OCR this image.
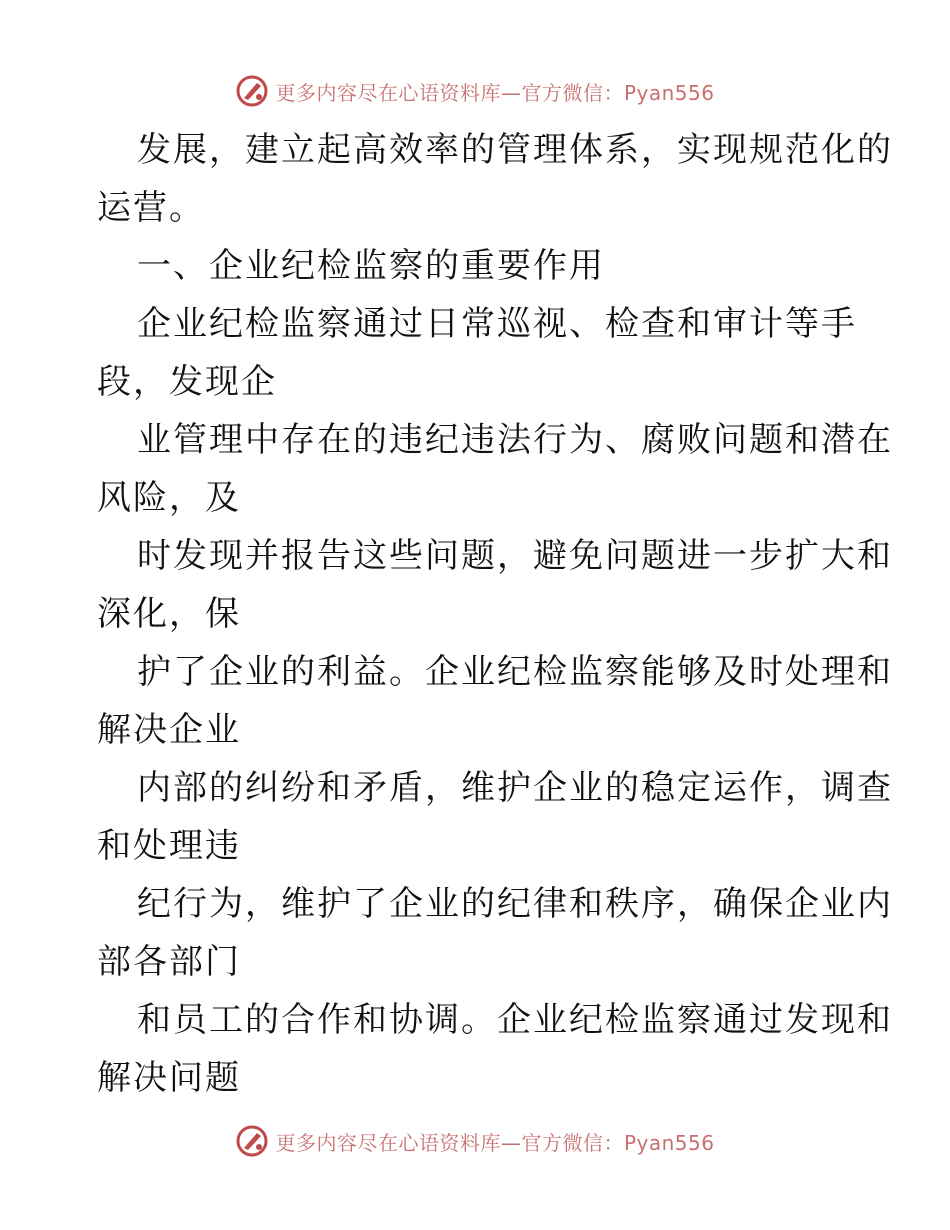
更多内容尽在心语资料库—官方微信：Pyan556
发展，建立起高效率的管理体系，实现规范化的
运营。
一、企业纪检监察的重要作用
企业纪检监察通过日常巡视、检查和审计等手
段，发现企
业管理中存在的违纪违法行为、腐败问题和潜在
风险，及
时发现并报告这些问题，避免问题进一步扩大和
深化，保
护了企业的利益。企业纪检监察能够及时处理和
解决企业
内部的纠纷和矛盾，维护企业的稳定运作，调查
和处理违
纪行为，维护了企业的纪律和秩序，确保企业内
部各部门
和员工的合作和协调。企业纪检监察通过发现和
解决问题
更多内容尽在心语资料库—官方微信：Pyan556
